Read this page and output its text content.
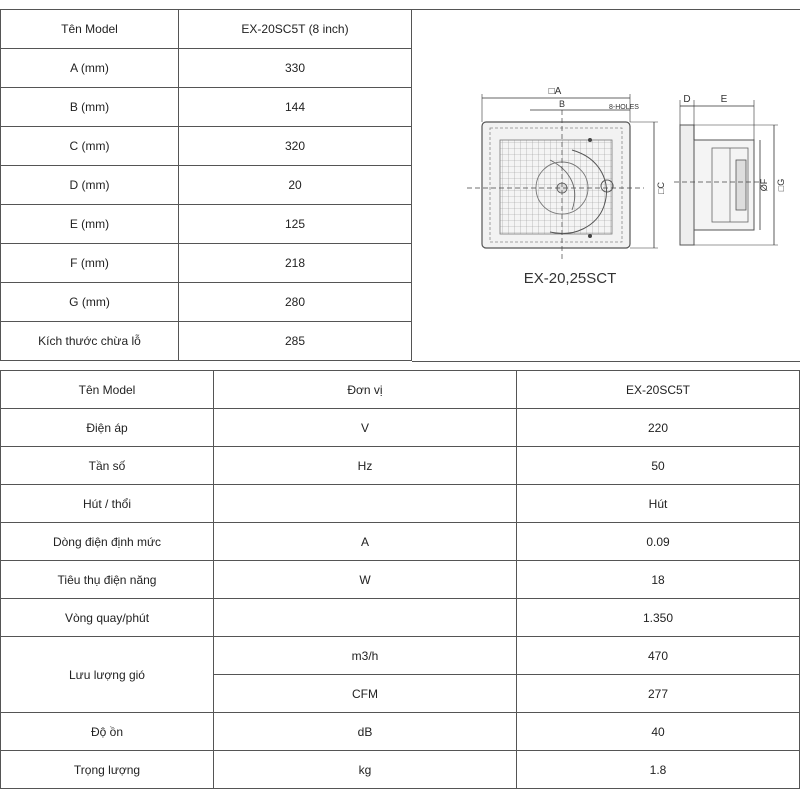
Tên Model	EX-20SC5T (8 inch)
A (mm)	330
B (mm)	144
C (mm)	320
D (mm)	20
E (mm)	125
F (mm)	218
G (mm)	280
Kích thước chừa lỗ	285
□A
B	8-HOLES
□C
D	E
ØF □G
EX-20,25SCT
Tên Model	Đơn vị	EX-20SC5T
Điện áp	V	220
Tần số	Hz	50
Hút / thổi		Hút
Dòng điện định mức	A	0.09
Tiêu thụ điện năng	W	18
Vòng quay/phút		1.350
Lưu lượng gió	m3/h	470
	CFM	277
Độ ồn	dB	40
Trọng lượng	kg	1.8
